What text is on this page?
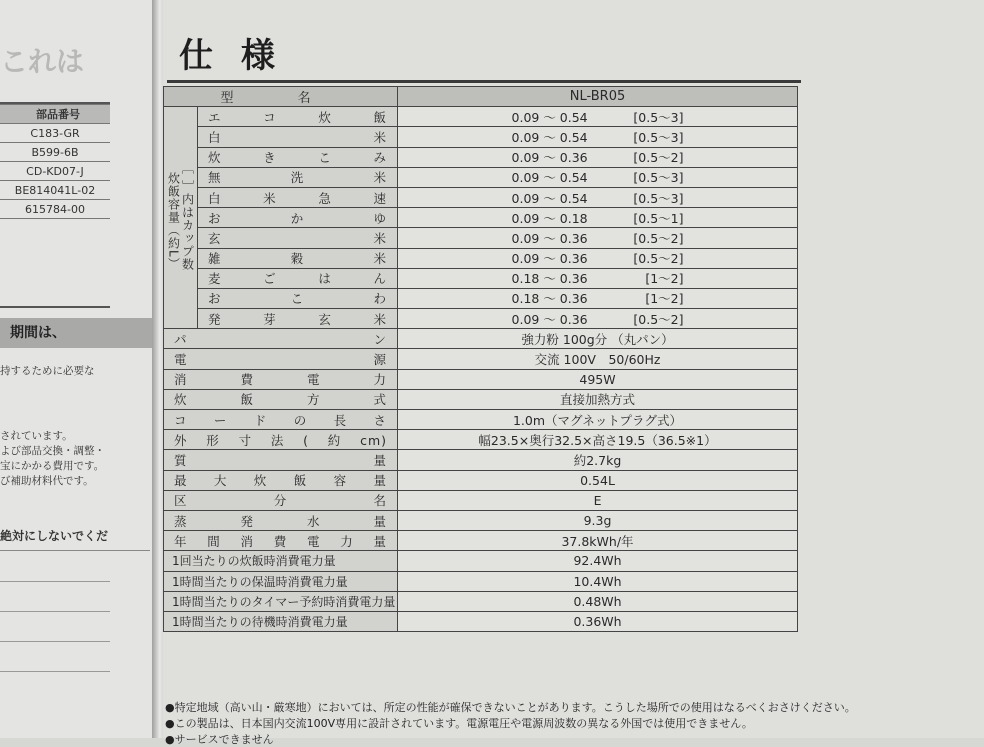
これは
部品番号
C183-GR
B599-6B
CD-KD07-J
BE814041L-02
615784-00
期間は、
持するために必要な
されています。
よび部品交換・調整・
宝にかかる費用です。
び補助材料代です。
絶対にしないでくだ
仕 様
型 名		NL-BR05
炊飯容量（約L）［ ］内はカップ数	エコ炊飯	0.09 ～ 0.54 [0.5～3]
	白米	0.09 ～ 0.54 [0.5～3]
	炊きこみ	0.09 ～ 0.36 [0.5～2]
	無洗米	0.09 ～ 0.54 [0.5～3]
	白米急速	0.09 ～ 0.54 [0.5～3]
	おかゆ	0.09 ～ 0.18 [0.5～1]
	玄米	0.09 ～ 0.36 [0.5～2]
	雑穀米	0.09 ～ 0.36 [0.5～2]
	麦ごはん	0.18 ～ 0.36 [1～2]
	おこわ	0.18 ～ 0.36 [1～2]
	発芽玄米	0.09 ～ 0.36 [0.5～2]
パン		強力粉 100g分 （丸パン）
電源		交流 100V　50/60Hz
消費電力		495W
炊飯方式		直接加熱方式
コードの長さ		1.0m（マグネットプラグ式）
外形寸法(約cm)		幅23.5×奥行32.5×高さ19.5（36.5※1）
質量		約2.7kg
最大炊飯容量		0.54L
区分名		E
蒸発水量		9.3g
年間消費電力量		37.8kWh/年
1回当たりの炊飯時消費電力量		92.4Wh
1時間当たりの保温時消費電力量		10.4Wh
1時間当たりのタイマー予約時消費電力量		0.48Wh
1時間当たりの待機時消費電力量		0.36Wh
●特定地域（高い山・厳寒地）においては、所定の性能が確保できないことがあります。こうした場所での使用はなるべくおさけください。
●この製品は、日本国内交流100V専用に設計されています。電源電圧や電源周波数の異なる外国では使用できません。
●サービスできません
